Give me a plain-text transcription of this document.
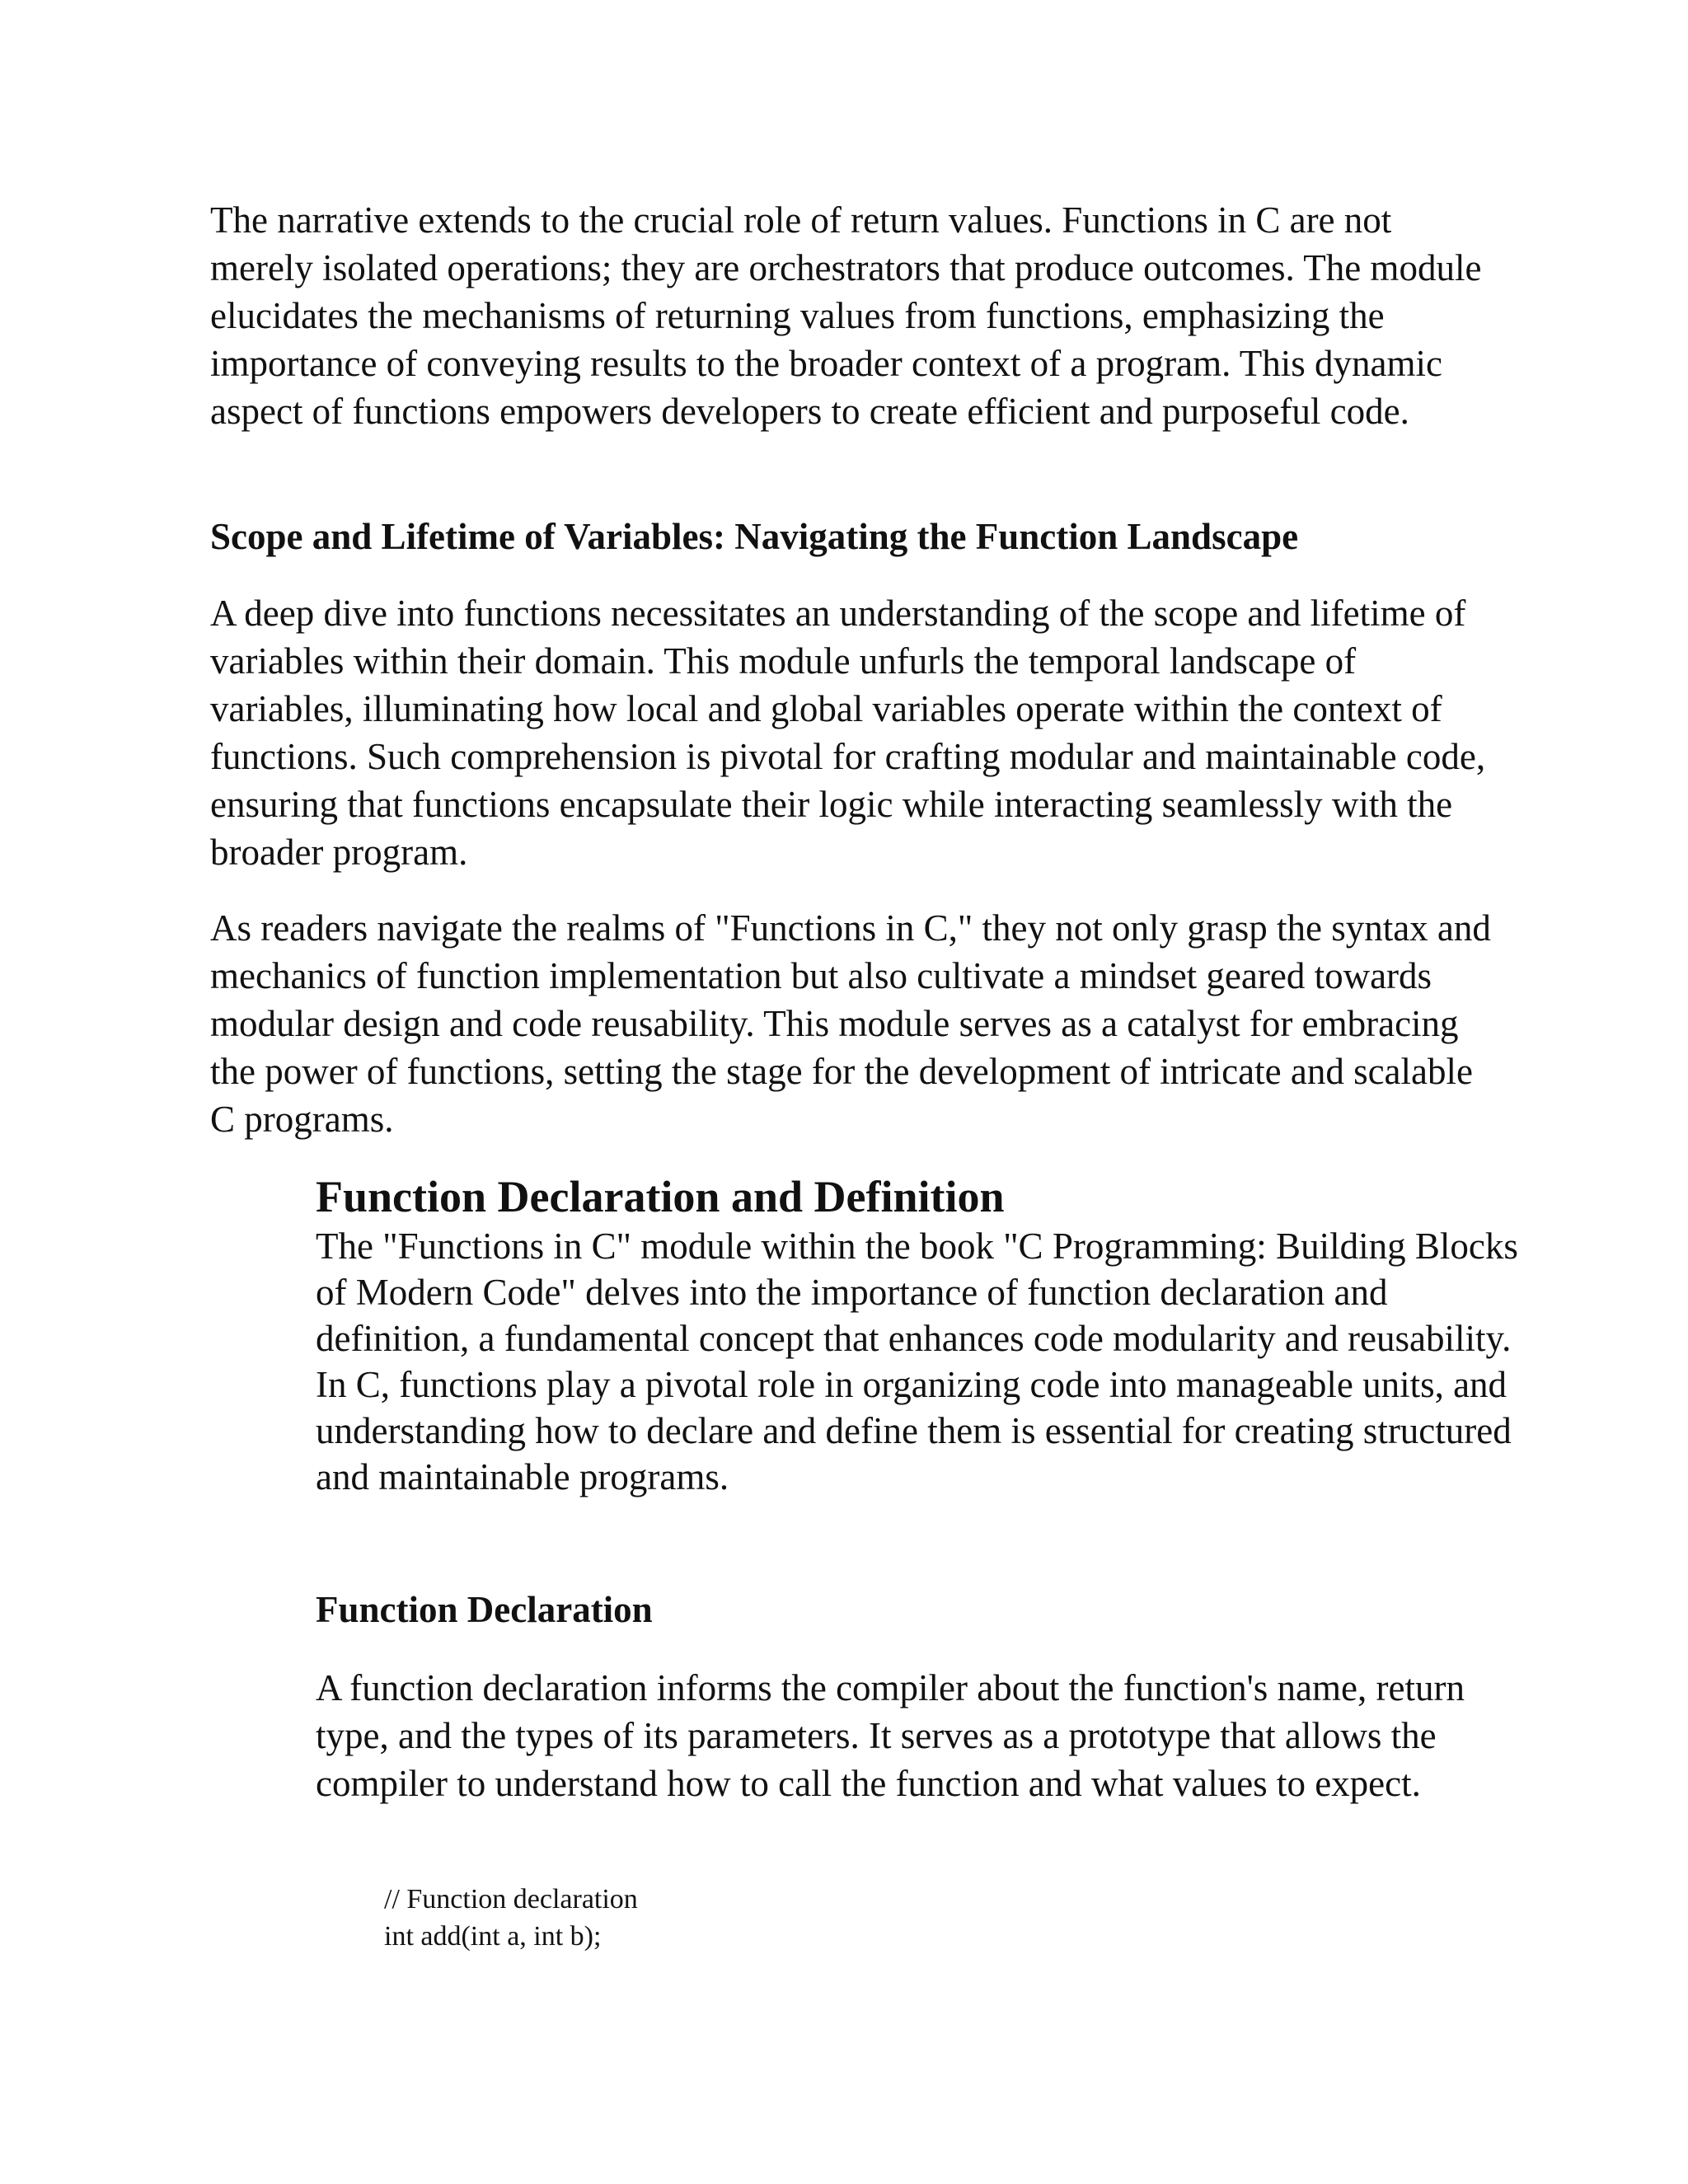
The narrative extends to the crucial role of return values. Functions in C are not merely isolated operations; they are orchestrators that produce outcomes. The module elucidates the mechanisms of returning values from functions, emphasizing the importance of conveying results to the broader context of a program. This dynamic aspect of functions empowers developers to create efficient and purposeful code.

Scope and Lifetime of Variables: Navigating the Function Landscape

A deep dive into functions necessitates an understanding of the scope and lifetime of variables within their domain. This module unfurls the temporal landscape of variables, illuminating how local and global variables operate within the context of functions. Such comprehension is pivotal for crafting modular and maintainable code, ensuring that functions encapsulate their logic while interacting seamlessly with the broader program.

As readers navigate the realms of "Functions in C," they not only grasp the syntax and mechanics of function implementation but also cultivate a mindset geared towards modular design and code reusability. This module serves as a catalyst for embracing the power of functions, setting the stage for the development of intricate and scalable C programs.

Function Declaration and Definition

The "Functions in C" module within the book "C Programming: Building Blocks of Modern Code" delves into the importance of function declaration and definition, a fundamental concept that enhances code modularity and reusability. In C, functions play a pivotal role in organizing code into manageable units, and understanding how to declare and define them is essential for creating structured and maintainable programs.

Function Declaration

A function declaration informs the compiler about the function's name, return type, and the types of its parameters. It serves as a prototype that allows the compiler to understand how to call the function and what values to expect.

// Function declaration
int add(int a, int b);
